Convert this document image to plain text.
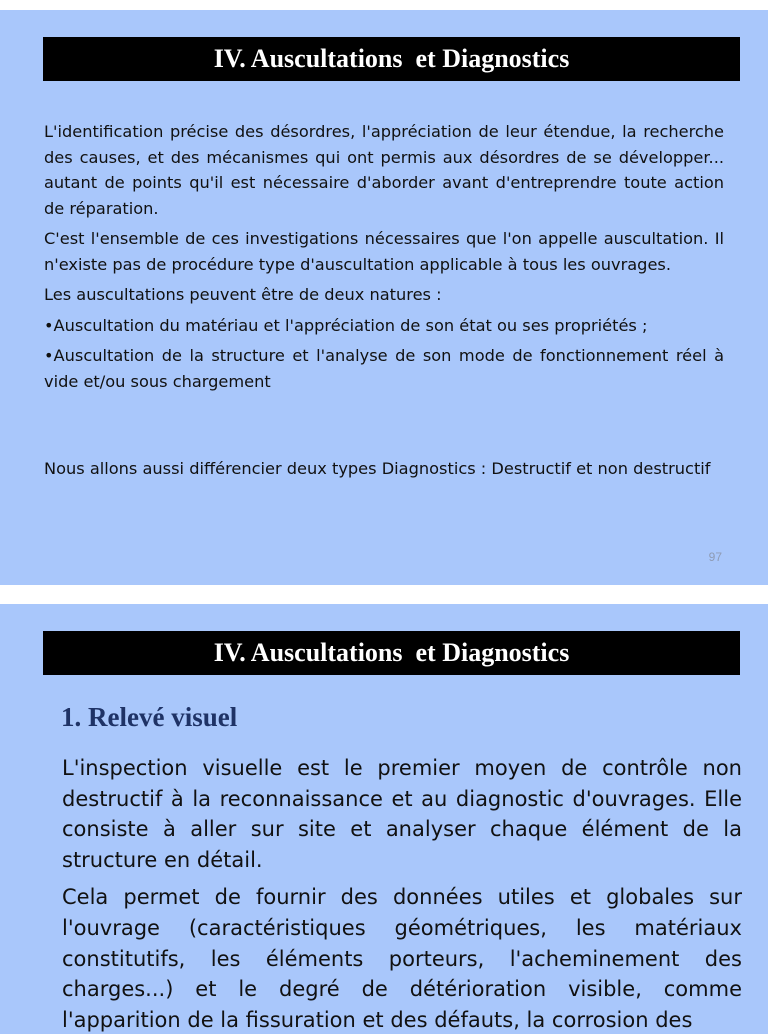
IV. Auscultations  et Diagnostics

L'identification précise des désordres, l'appréciation de leur étendue, la recherche des causes, et des mécanismes qui ont permis aux désordres de se développer... autant de points qu'il est nécessaire d'aborder avant d'entreprendre toute action de réparation.

C'est l'ensemble de ces investigations nécessaires que l'on appelle auscultation. Il n'existe pas de procédure type d'auscultation applicable à tous les ouvrages.

Les auscultations peuvent être de deux natures :

•Auscultation du matériau et l'appréciation de son état ou ses propriétés ;

•Auscultation de la structure et l'analyse de son mode de fonctionnement réel à vide et/ou sous chargement

Nous allons aussi différencier deux types Diagnostics : Destructif et non destructif

97
IV. Auscultations  et Diagnostics
1. Relevé visuel

L'inspection visuelle est le premier moyen de contrôle non destructif à la reconnaissance et au diagnostic d'ouvrages. Elle consiste à aller sur site et analyser chaque élément de la structure en détail.

Cela permet de fournir des données utiles et globales sur l'ouvrage (caractéristiques géométriques, les matériaux constitutifs, les éléments porteurs, l'acheminement des charges...) et le degré de détérioration visible, comme l'apparition de la fissuration et des défauts, la corrosion des
